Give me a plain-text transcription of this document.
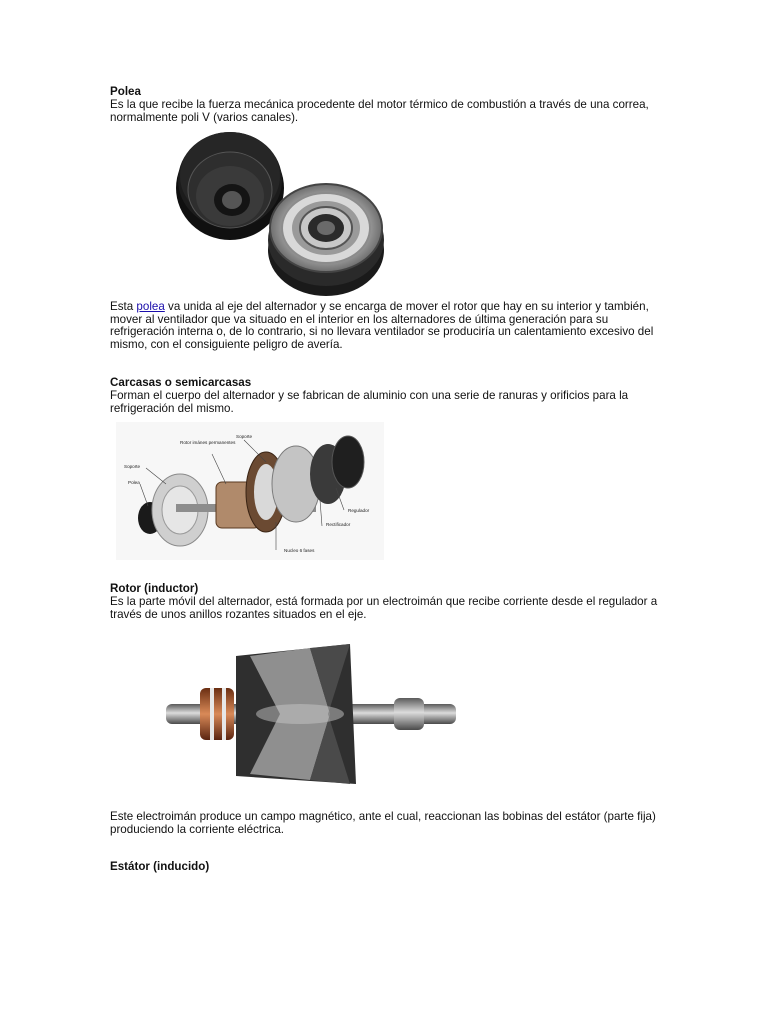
Polea
Es la que recibe la fuerza mecánica procedente del motor térmico de combustión a través de una correa, normalmente poli V (varios canales).
Esta polea va unida al eje del alternador y se encarga de mover el rotor que hay en su interior y también, mover al ventilador que va situado en el interior en los alternadores de última generación para su refrigeración interna o, de lo contrario, si no llevara ventilador se produciría un calentamiento excesivo del mismo, con el consiguiente peligro de avería.
Carcasas o semicarcasas
Forman el cuerpo del alternador y se fabrican de aluminio con una serie de ranuras y orificios para la refrigeración del mismo.
Rotor imánes permanentes
Soporte
Soporte
Polea
Regulador
Rectificador
Nucleo 6 fases
Rotor (inductor)
Es la parte móvil del alternador, está formada por un electroimán que recibe corriente desde el regulador a través de unos anillos rozantes situados en el eje.
Este electroimán produce un campo magnético, ante el cual, reaccionan las bobinas del estátor (parte fija) produciendo la corriente eléctrica.
Estátor (inducido)
